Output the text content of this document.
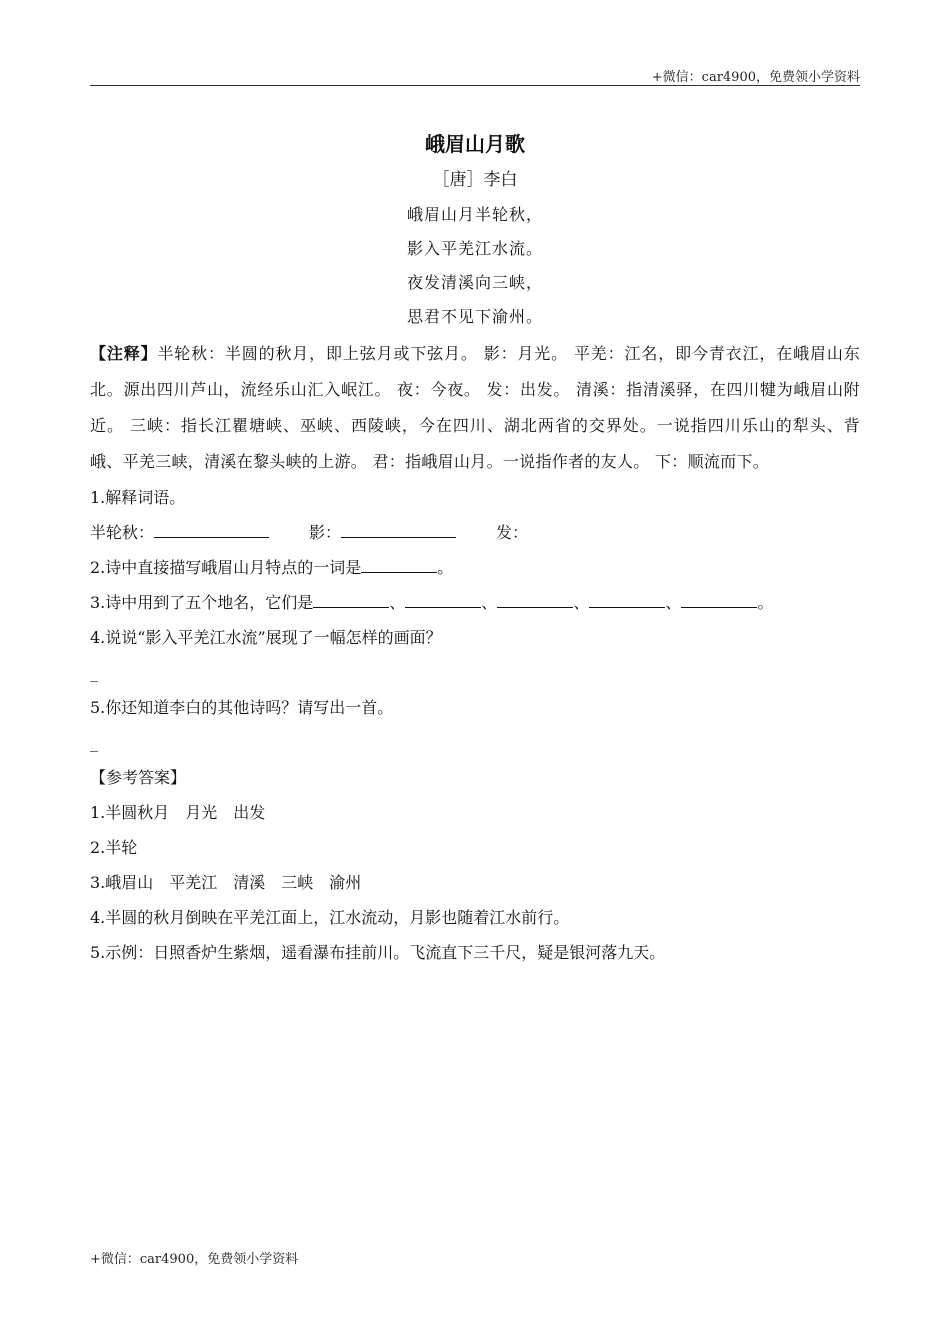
+微信：car4900，免费领小学资料
峨眉山月歌
［唐］李白
峨眉山月半轮秋，
影入平羌江水流。
夜发清溪向三峡，
思君不见下渝州。
【注释】半轮秋：半圆的秋月，即上弦月或下弦月。 影：月光。 平羌：江名，即今青衣江，在峨眉山东北。源出四川芦山，流经乐山汇入岷江。 夜：今夜。 发：出发。 清溪：指清溪驿，在四川犍为峨眉山附近。 三峡：指长江瞿塘峡、巫峡、西陵峡，今在四川、湖北两省的交界处。一说指四川乐山的犁头、背峨、平羌三峡，清溪在黎头峡的上游。 君：指峨眉山月。一说指作者的友人。 下：顺流而下。
1.解释词语。
半轮秋：	影：	发：
2.诗中直接描写峨眉山月特点的一词是	。
3.诗中用到了五个地名，它们是	、	、	、	、	。
4.说说“影入平羌江水流”展现了一幅怎样的画面？
_
5.你还知道李白的其他诗吗？请写出一首。
_
【参考答案】
1.半圆秋月　月光　出发
2.半轮
3.峨眉山　平羌江　清溪　三峡　渝州
4.半圆的秋月倒映在平羌江面上，江水流动，月影也随着江水前行。
5.示例：日照香炉生紫烟，遥看瀑布挂前川。飞流直下三千尺，疑是银河落九天。
+微信：car4900，免费领小学资料
